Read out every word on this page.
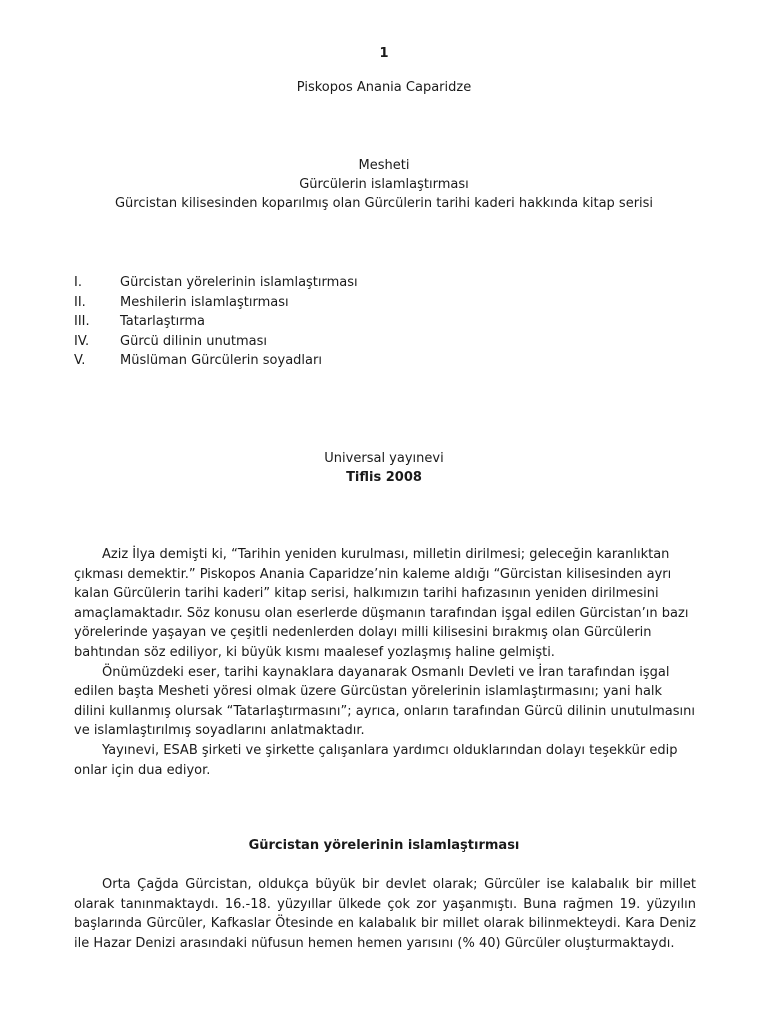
1
Piskopos Anania Caparidze
Mesheti
Gürcülerin islamlaştırması
Gürcistan kilisesinden koparılmış olan Gürcülerin tarihi kaderi hakkında kitap serisi
I.	Gürcistan yörelerinin islamlaştırması
II.	Meshilerin islamlaştırması
III.	Tatarlaştırma
IV.	Gürcü dilinin unutması
V.	Müslüman Gürcülerin soyadları
Universal yayınevi
Tiflis 2008

Aziz İlya demişti ki, “Tarihin yeniden kurulması, milletin dirilmesi; geleceğin karanlıktan çıkması demektir.” Piskopos Anania Caparidze’nin kaleme aldığı “Gürcistan kilisesinden ayrı kalan Gürcülerin tarihi kaderi” kitap serisi, halkımızın tarihi hafızasının yeniden dirilmesini amaçlamaktadır. Söz konusu olan eserlerde düşmanın tarafından işgal edilen Gürcistan’ın bazı yörelerinde yaşayan ve çeşitli nedenlerden dolayı milli kilisesini bırakmış olan Gürcülerin bahtından söz ediliyor, ki büyük kısmı maalesef yozlaşmış haline gelmişti.

Önümüzdeki eser, tarihi kaynaklara dayanarak Osmanlı Devleti ve İran tarafından işgal edilen başta Mesheti yöresi olmak üzere Gürcüstan yörelerinin islamlaştırmasını; yani halk dilini kullanmış olursak “Tatarlaştırmasını”; ayrıca, onların tarafından Gürcü dilinin unutulmasını ve islamlaştırılmış soyadlarını anlatmaktadır.

Yayınevi, ESAB şirketi ve şirkette çalışanlara yardımcı olduklarından dolayı teşekkür edip onlar için dua ediyor.

Gürcistan yörelerinin islamlaştırması

Orta Çağda Gürcistan, oldukça büyük bir devlet olarak; Gürcüler ise kalabalık bir millet olarak tanınmaktaydı. 16.-18. yüzyıllar ülkede çok zor yaşanmıştı. Buna rağmen 19. yüzyılın başlarında Gürcüler, Kafkaslar Ötesinde en kalabalık bir millet olarak bilinmekteydi. Kara Deniz ile Hazar Denizi arasındaki nüfusun hemen hemen yarısını (% 40) Gürcüler oluşturmaktaydı.
